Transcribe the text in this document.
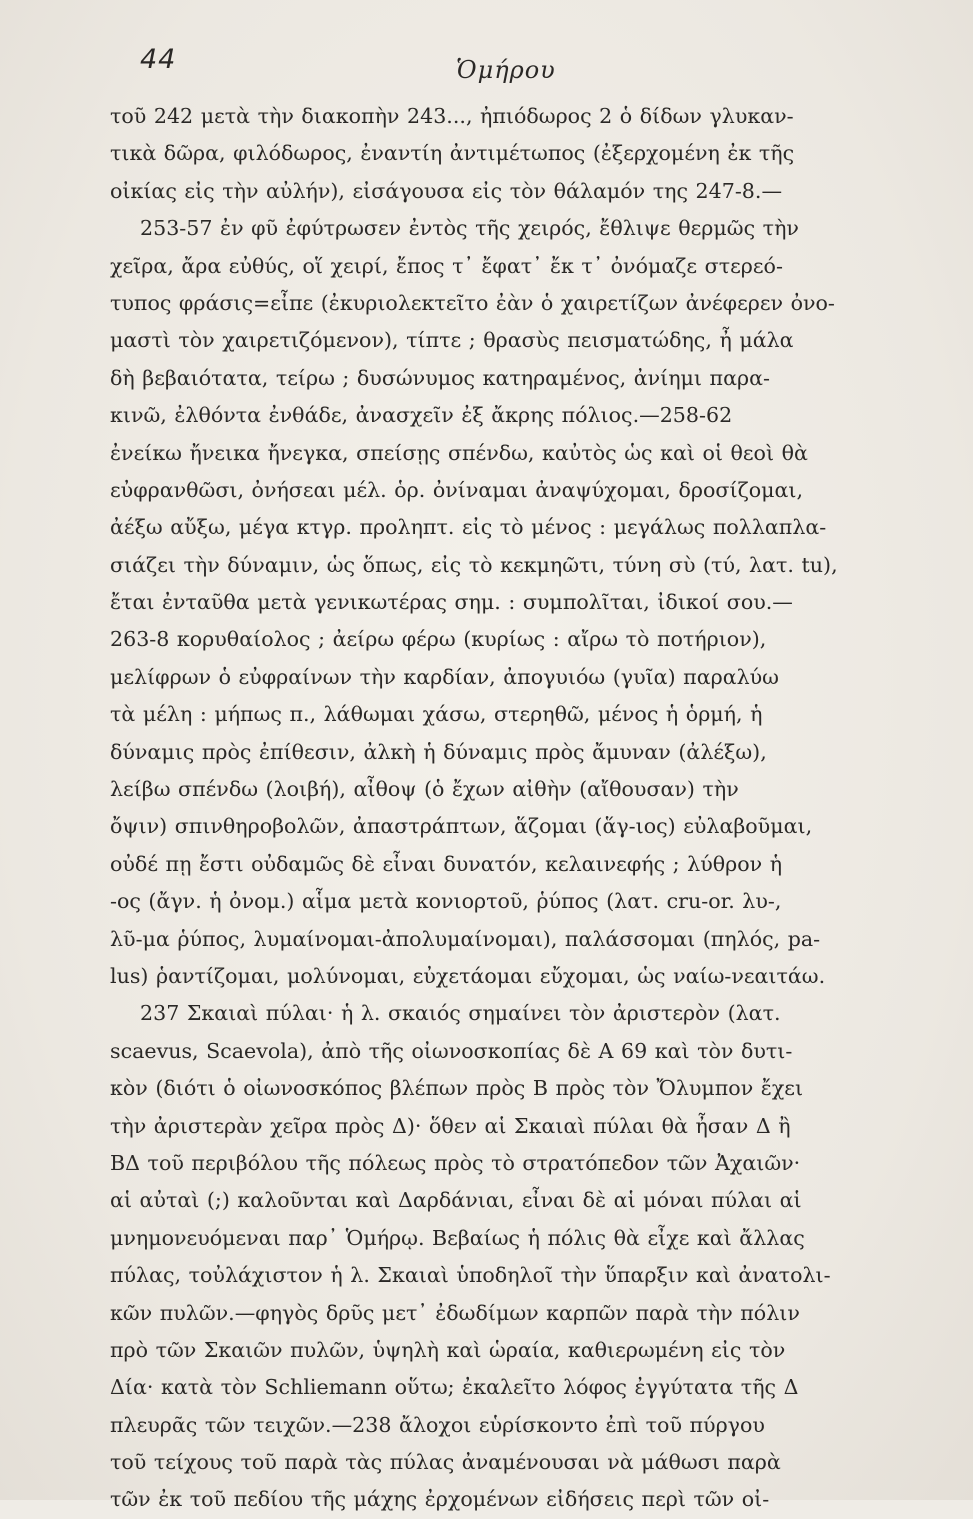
44	Ὁμήρου
τοῦ 242 μετὰ τὴν διακοπὴν 243..., ἠπιόδωρος 2 ὁ δίδων γλυκαν-
τικὰ δῶρα, φιλόδωρος, ἐναντίη ἀντιμέτωπος (ἐξερχομένη ἐκ τῆς
οἰκίας εἰς τὴν αὐλήν), εἰσάγουσα εἰς τὸν θάλαμόν της 247-8.—
253-57 ἐν φῦ ἐφύτρωσεν ἐντὸς τῆς χειρός, ἔθλιψε θερμῶς τὴν
χεῖρα, ἄρα εὐθύς, οἵ χειρί, ἔπος τ᾽ ἔφατ᾽ ἔκ τ᾽ ὀνόμαζε στερεό-
τυπος φράσις=εἶπε (ἐκυριολεκτεῖτο ἐὰν ὁ χαιρετίζων ἀνέφερεν ὀνο-
μαστὶ τὸν χαιρετιζόμενον), τίπτε ; θρασὺς πεισματώδης, ἦ μάλα
δὴ βεβαιότατα, τείρω ; δυσώνυμος κατηραμένος, ἀνίημι παρα-
κινῶ, ἐλθόντα ἐνθάδε, ἀνασχεῖν ἐξ ἄκρης πόλιος.—258-62
ἐνείκω ἤνεικα ἤνεγκα, σπείσῃς σπένδω, καὐτὸς ὡς καὶ οἱ θεοὶ θὰ
εὐφρανθῶσι, ὀνήσεαι μέλ. ὁρ. ὀνίναμαι ἀναψύχομαι, δροσίζομαι,
ἀέξω αὔξω, μέγα κτγρ. προληπτ. εἰς τὸ μένος : μεγάλως πολλαπλα-
σιάζει τὴν δύναμιν, ὡς ὅπως, εἰς τὸ κεκμηῶτι, τύνη σὺ (τύ, λατ. tu),
ἔται ἐνταῦθα μετὰ γενικωτέρας σημ. : συμπολῖται, ἰδικοί σου.—
263-8 κορυθαίολος ; ἀείρω φέρω (κυρίως : αἴρω τὸ ποτήριον),
μελίφρων ὁ εὐφραίνων τὴν καρδίαν, ἀπογυιόω (γυῖα) παραλύω
τὰ μέλη : μήπως π., λάθωμαι χάσω, στερηθῶ, μένος ἡ ὁρμή, ἡ
δύναμις πρὸς ἐπίθεσιν, ἀλκὴ ἡ δύναμις πρὸς ἄμυναν (ἀλέξω),
λείβω σπένδω (λοιβή), αἶθοψ (ὁ ἔχων αἰθὴν (αἴθουσαν) τὴν
ὄψιν) σπινθηροβολῶν, ἀπαστράπτων, ἅζομαι (ἅγ-ιος) εὐλαβοῦμαι,
οὐδέ πῃ ἔστι οὐδαμῶς δὲ εἶναι δυνατόν, κελαινεφής ; λύθρον ἡ
-ος (ἄγν. ἡ ὀνομ.) αἷμα μετὰ κονιορτοῦ, ῥύπος (λατ. cru-or. λυ-,
λῦ-μα ῥύπος, λυμαίνομαι-ἀπολυμαίνομαι), παλάσσομαι (πηλός, pa-
lus) ῥαντίζομαι, μολύνομαι, εὐχετάομαι εὔχομαι, ὡς ναίω-νεαιτάω.
237 Σκαιαὶ πύλαι· ἡ λ. σκαιός σημαίνει τὸν ἀριστερὸν (λατ.
scaevus, Scaevola), ἀπὸ τῆς οἰωνοσκοπίας δὲ Α 69 καὶ τὸν δυτι-
κὸν (διότι ὁ οἰωνοσκόπος βλέπων πρὸς Β πρὸς τὸν Ὄλυμπον ἔχει
τὴν ἀριστερὰν χεῖρα πρὸς Δ)· ὅθεν αἱ Σκαιαὶ πύλαι θὰ ἦσαν Δ ἢ
ΒΔ τοῦ περιβόλου τῆς πόλεως πρὸς τὸ στρατόπεδον τῶν Ἀχαιῶν·
αἱ αὐταὶ (;) καλοῦνται καὶ Δαρδάνιαι, εἶναι δὲ αἱ μόναι πύλαι αἱ
μνημονευόμεναι παρ᾽ Ὁμήρῳ. Βεβαίως ἡ πόλις θὰ εἶχε καὶ ἄλλας
πύλας, τοὐλάχιστον ἡ λ. Σκαιαὶ ὑποδηλοῖ τὴν ὕπαρξιν καὶ ἀνατολι-
κῶν πυλῶν.—φηγὸς δρῦς μετ᾽ ἐδωδίμων καρπῶν παρὰ τὴν πόλιν
πρὸ τῶν Σκαιῶν πυλῶν, ὑψηλὴ καὶ ὡραία, καθιερωμένη εἰς τὸν
Δία· κατὰ τὸν Schliemann οὕτω; ἐκαλεῖτο λόφος ἐγγύτατα τῆς Δ
πλευρᾶς τῶν τειχῶν.—238 ἄλοχοι εὑρίσκοντο ἐπὶ τοῦ πύργου
τοῦ τείχους τοῦ παρὰ τὰς πύλας ἀναμένουσαι νὰ μάθωσι παρὰ
τῶν ἐκ τοῦ πεδίου τῆς μάχης ἐρχομένων εἰδήσεις περὶ τῶν οἰ-
